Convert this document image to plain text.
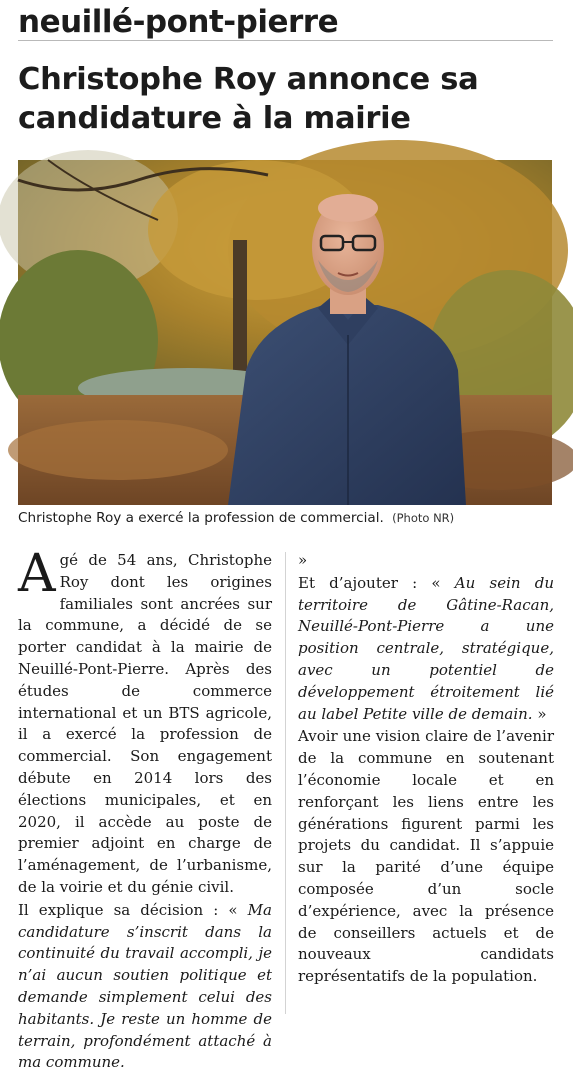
neuillé-pont-pierre
Christophe Roy annonce sa candidature à la mairie
Christophe Roy a exercé la profession de commercial. (Photo NR)

Agé de 54 ans, Christophe Roy dont les origines familiales sont ancrées sur la commune, a décidé de se porter candidat à la mairie de Neuillé-Pont-Pierre. Après des études de commerce international et un BTS agricole, il a exercé la profession de commercial. Son engagement débute en 2014 lors des élections municipales, et en 2020, il accède au poste de premier adjoint en charge de l’aménagement, de l’urbanisme, de la voirie et du génie civil.

Il explique sa décision : « Ma candidature s’inscrit dans la continuité du travail accompli, je n’ai aucun soutien politique et demande simplement celui des habitants. Je reste un homme de terrain, profondément attaché à ma commune.

»

Et d’ajouter : « Au sein du territoire de Gâtine-Racan, Neuillé-Pont-Pierre a une position centrale, stratégique, avec un potentiel de développement étroitement lié au label Petite ville de demain. »

Avoir une vision claire de l’avenir de la commune en soutenant l’économie locale et en renforçant les liens entre les générations figurent parmi les projets du candidat. Il s’appuie sur la parité d’une équipe composée d’un socle d’expérience, avec la présence de conseillers actuels et de nouveaux candidats représentatifs de la population.
